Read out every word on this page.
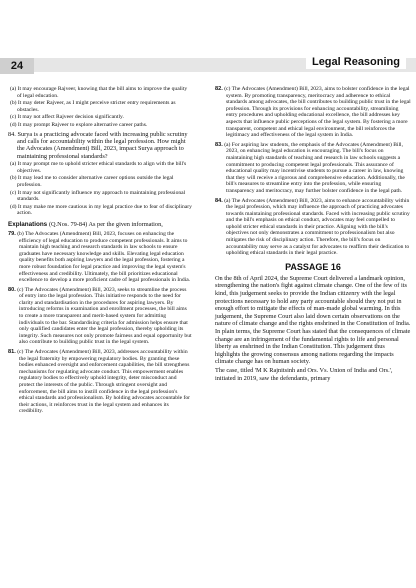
24	Legal Reasoning
(a) It may encourage Rajveer, knowing that the bill aims to improve the quality of legal education.
(b) It may deter Rajveer, as I might perceive stricter entry requirements as obstacles.
(c) It may not affect Rajveer decision significantly.
(d) It may prompt Rajveer to explore alternative career paths.
84. Surya is a practicing advocate faced with increasing public scrutiny and calls for accountability within the legal profession. How might the Advocates (Amendment) Bill, 2023, impact Surya approach to maintaining professional standards?
(a) It may prompt me to uphold stricter ethical standards to align with the bill's objectives.
(b) It may lead me to consider alternative career options outside the legal profession.
(c) It may not significantly influence my approach to maintaining professional standards.
(d) It may make me more cautious in my legal practice due to fear of disciplinary action.
Explanations (Q.Nos. 79-84) As per the given information,
79. (b) The Advocates (Amendment) Bill, 2023, focuses on enhancing the efficiency of legal education to produce competent professionals. It aims to maintain high teaching and research standards in law schools to ensure graduates have necessary knowledge and skills. Elevating legal education quality benefits both aspiring lawyers and the legal profession, fostering a more robust foundation for legal practice and improving the legal system's effectiveness and credibility. Ultimately, the bill prioritizes educational excellence to develop a more proficient cadre of legal professionals in India.
80. (c) The Advocates (Amendment) Bill, 2023, seeks to streamline the process of entry into the legal profession. This initiative responds to the need for clarity and standardisation in the procedures for aspiring lawyers. By introducing reforms in examination and enrollment processes, the bill aims to create a more transparent and merit-based system for admitting individuals to the bar. Standardising criteria for admission helps ensure that only qualified candidates enter the legal profession, thereby upholding its integrity. Such measures not only promote fairness and equal opportunity but also contribute to building public trust in the legal system.
81. (c) The Advocates (Amendment) Bill, 2023, addresses accountability within the legal fraternity by empowering regulatory bodies. By granting these bodies enhanced oversight and enforcement capabilities, the bill strengthens mechanisms for regulating advocate conduct. This empowerment enables regulatory bodies to effectively uphold integrity, deter misconduct and protect the interests of the public. Through stringent oversight and enforcement, the bill aims to instill confidence in the legal profession's ethical standards and professionalism. By holding advocates accountable for their actions, it reinforces trust in the legal system and enhances its credibility.
82. (c) The Advocates (Amendment) Bill, 2023, aims to bolster confidence in the legal system. By promoting transparency, meritocracy and adherence to ethical standards among advocates, the bill contributes to building public trust in the legal profession. Through its provisions for enhancing accountability, streamlining entry procedures and upholding educational excellence, the bill addresses key aspects that influence public perceptions of the legal system. By fostering a more transparent, competent and ethical legal environment, the bill reinforces the legitimacy and effectiveness of the legal system in India.
83. (a) For aspiring law students, the emphasis of the Advocates (Amendment) Bill, 2023, on enhancing legal education is encouraging. The bill's focus on maintaining high standards of teaching and research in law schools suggests a commitment to producing competent legal professionals. This assurance of educational quality may incentivise students to pursue a career in law, knowing that they will receive a rigorous and comprehensive education. Additionally, the bill's measures to streamline entry into the profession, while ensuring transparency and meritocracy, may further bolster confidence in the legal path.
84. (a) The Advocates (Amendment) Bill, 2023, aims to enhance accountability within the legal profession, which may influence the approach of practicing advocates towards maintaining professional standards. Faced with increasing public scrutiny and the bill's emphasis on ethical conduct, advocates may feel compelled to uphold stricter ethical standards in their practice. Aligning with the bill's objectives not only demonstrates a commitment to professionalism but also mitigates the risk of disciplinary action. Therefore, the bill's focus on accountability may serve as a catalyst for advocates to reaffirm their dedication to upholding ethical standards in their legal practice.
PASSAGE 16
On the 8th of April 2024, the Supreme Court delivered a landmark opinion, strengthening the nation's fight against climate change. One of the few of its kind, this judgement seeks to provide the Indian citizenry with the legal protections necessary to hold any party accountable should they not put in enough effort to mitigate the effects of man-made global warming. In this judgement, the Supreme Court also laid down certain observations on the nature of climate change and the rights enshrined in the Constitution of India. In plain terms, the Supreme Court has stated that the consequences of climate change are an infringement of the fundamental rights to life and personal liberty as enshrined in the Indian Constitution. This judgement thus highlights the growing consensus among nations regarding the impacts climate change has on human society.
The case, titled 'M K Rajnitsinh and Ors. Vs. Union of India and Ors.', initiated in 2019, saw the defendants, primary
